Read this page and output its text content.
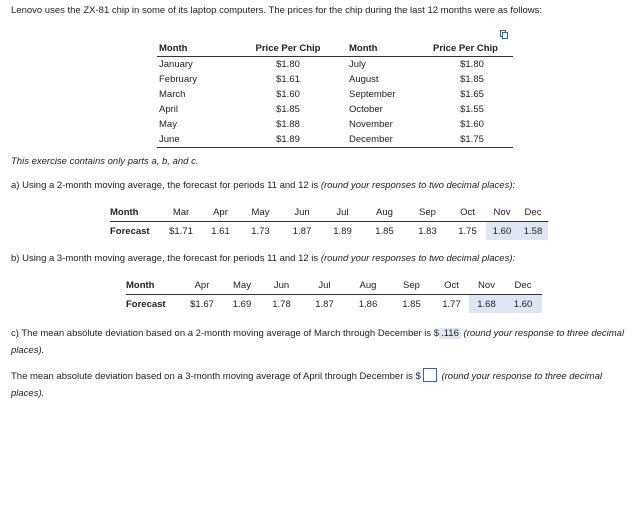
Lenovo uses the ZX-81 chip in some of its laptop computers. The prices for the chip during the last 12 months were as follows:
Month	Price Per Chip	Month	Price Per Chip
January	$1.80	July	$1.80
February	$1.61	August	$1.85
March	$1.60	September	$1.65
April	$1.85	October	$1.55
May	$1.88	November	$1.60
June	$1.89	December	$1.75
This exercise contains only parts a, b, and c.
a) Using a 2-month moving average, the forecast for periods 11 and 12 is (round your responses to two decimal places):
Month	Mar	Apr	May	Jun	Jul	Aug	Sep	Oct	Nov	Dec
Forecast	$1.71	1.61	1.73	1.87	1.89	1.85	1.83	1.75	1.60	1.58
b) Using a 3-month moving average, the forecast for periods 11 and 12 is (round your responses to two decimal places):
Month	Apr	May	Jun	Jul	Aug	Sep	Oct	Nov	Dec
Forecast	$1.67	1.69	1.78	1.87	1.86	1.85	1.77	1.68	1.60
c) The mean absolute deviation based on a 2-month moving average of March through December is $ .116 (round your response to three decimal places).
The mean absolute deviation based on a 3-month moving average of April through December is $ (round your response to three decimal places).
